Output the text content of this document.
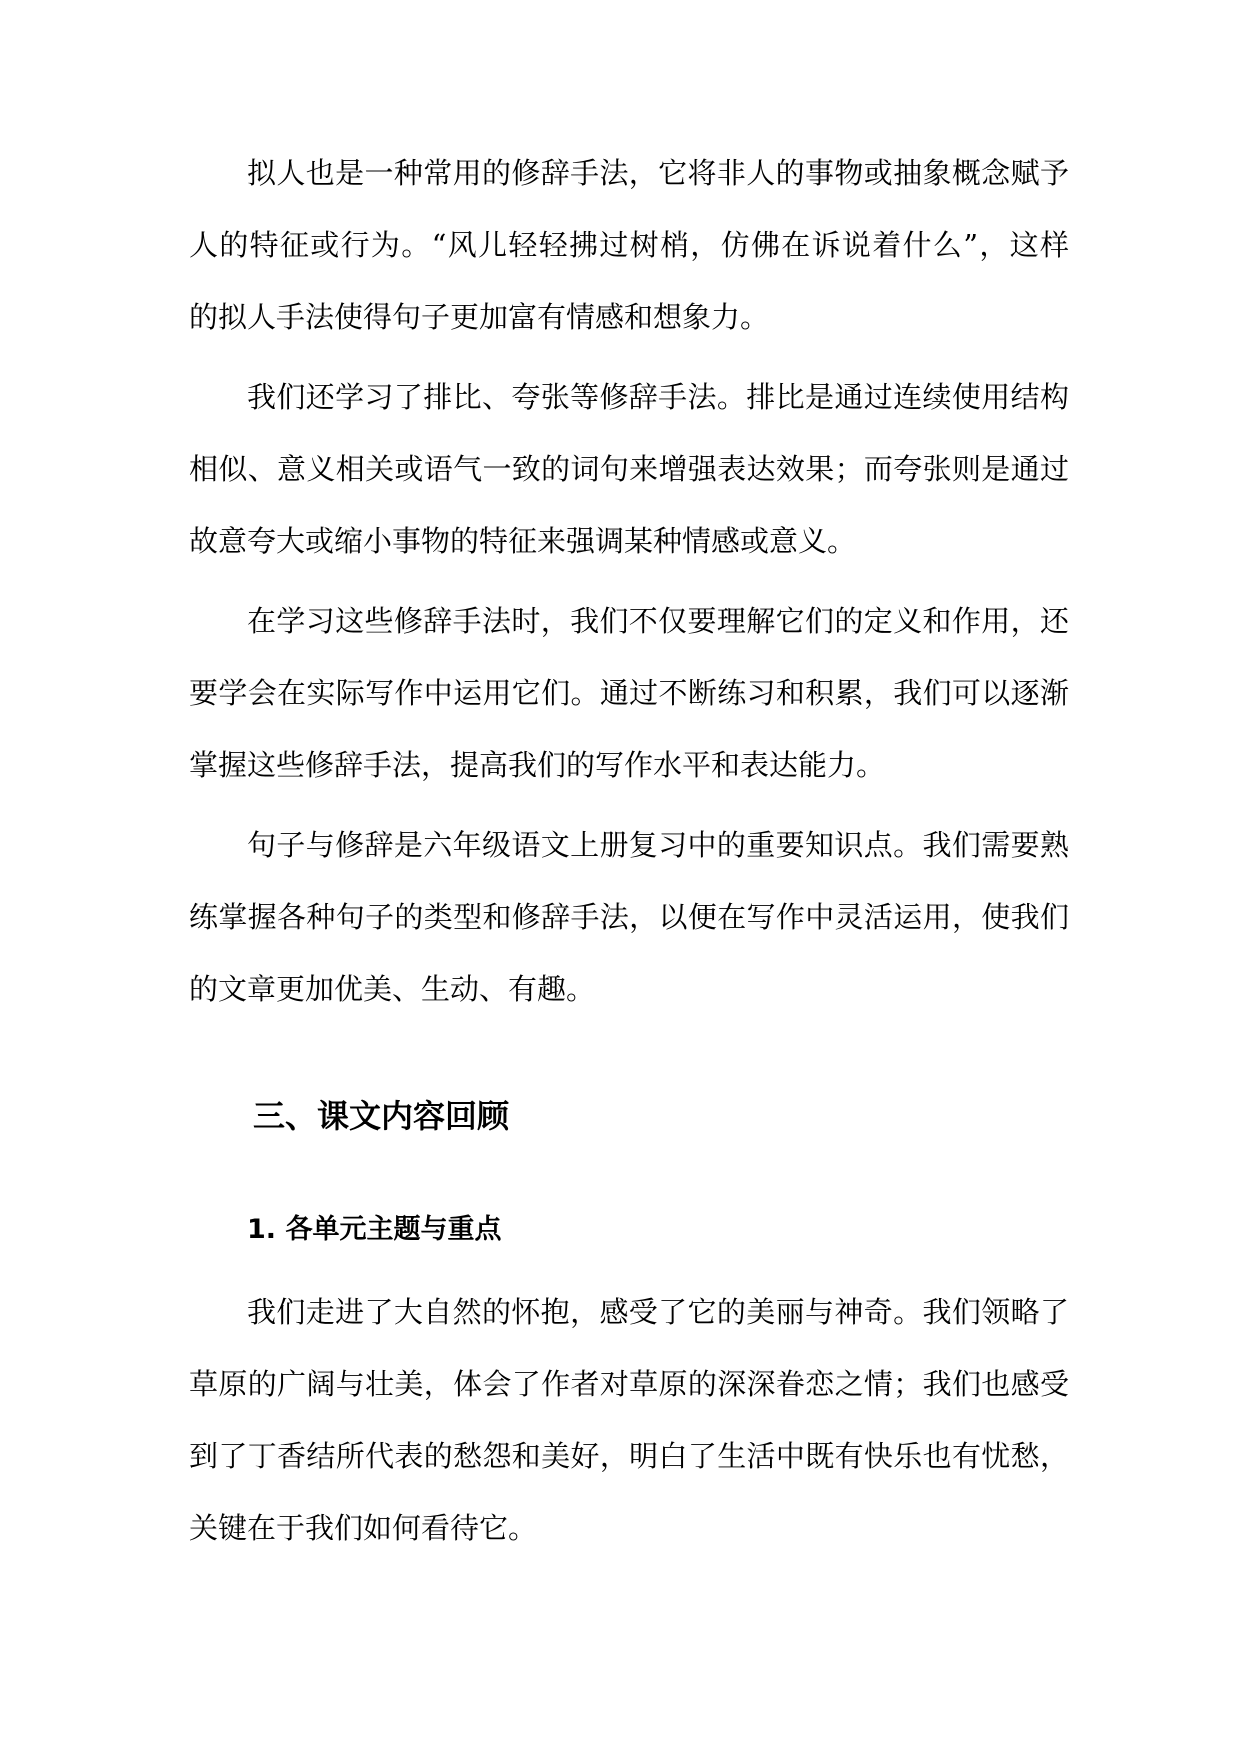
拟人也是一种常用的修辞手法，它将非人的事物或抽象概念赋予
人的特征或行为。“风儿轻轻拂过树梢，仿佛在诉说着什么”，这样
的拟人手法使得句子更加富有情感和想象力。
我们还学习了排比、夸张等修辞手法。排比是通过连续使用结构
相似、意义相关或语气一致的词句来增强表达效果；而夸张则是通过
故意夸大或缩小事物的特征来强调某种情感或意义。
在学习这些修辞手法时，我们不仅要理解它们的定义和作用，还
要学会在实际写作中运用它们。通过不断练习和积累，我们可以逐渐
掌握这些修辞手法，提高我们的写作水平和表达能力。
句子与修辞是六年级语文上册复习中的重要知识点。我们需要熟
练掌握各种句子的类型和修辞手法，以便在写作中灵活运用，使我们
的文章更加优美、生动、有趣。
三、课文内容回顾
1. 各单元主题与重点
我们走进了大自然的怀抱，感受了它的美丽与神奇。我们领略了
草原的广阔与壮美，体会了作者对草原的深深眷恋之情；我们也感受
到了丁香结所代表的愁怨和美好，明白了生活中既有快乐也有忧愁，
关键在于我们如何看待它。
